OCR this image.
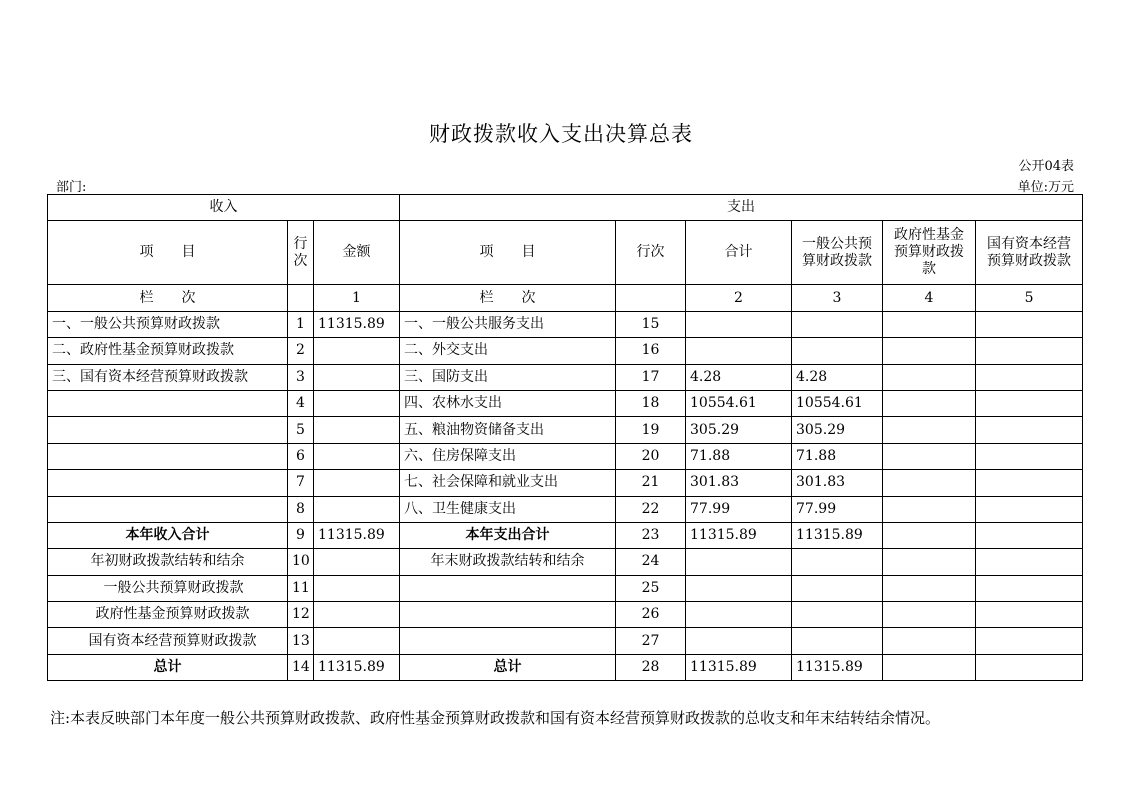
财政拨款收入支出决算总表
公开04表
部门:	单位:万元
收入			支出					
项　　目	行次	金额	项　　目	行次	合计	一般公共预算财政拨款	政府性基金预算财政拨款	国有资本经营预算财政拨款
栏　　次		1	栏　　次		2	3	4	5
一、一般公共预算财政拨款	1	11315.89	一、一般公共服务支出	15				
二、政府性基金预算财政拨款	2		二、外交支出	16				
三、国有资本经营预算财政拨款	3		三、国防支出	17	4.28	4.28		
	4		四、农林水支出	18	10554.61	10554.61		
	5		五、粮油物资储备支出	19	305.29	305.29		
	6		六、住房保障支出	20	71.88	71.88		
	7		七、社会保障和就业支出	21	301.83	301.83		
	8		八、卫生健康支出	22	77.99	77.99		
本年收入合计	9	11315.89	本年支出合计	23	11315.89	11315.89		
年初财政拨款结转和结余	10		年末财政拨款结转和结余	24				
一般公共预算财政拨款	11			25				
政府性基金预算财政拨款	12			26				
国有资本经营预算财政拨款	13			27				
总计	14	11315.89	总计	28	11315.89	11315.89		
注:本表反映部门本年度一般公共预算财政拨款、政府性基金预算财政拨款和国有资本经营预算财政拨款的总收支和年末结转结余情况。
